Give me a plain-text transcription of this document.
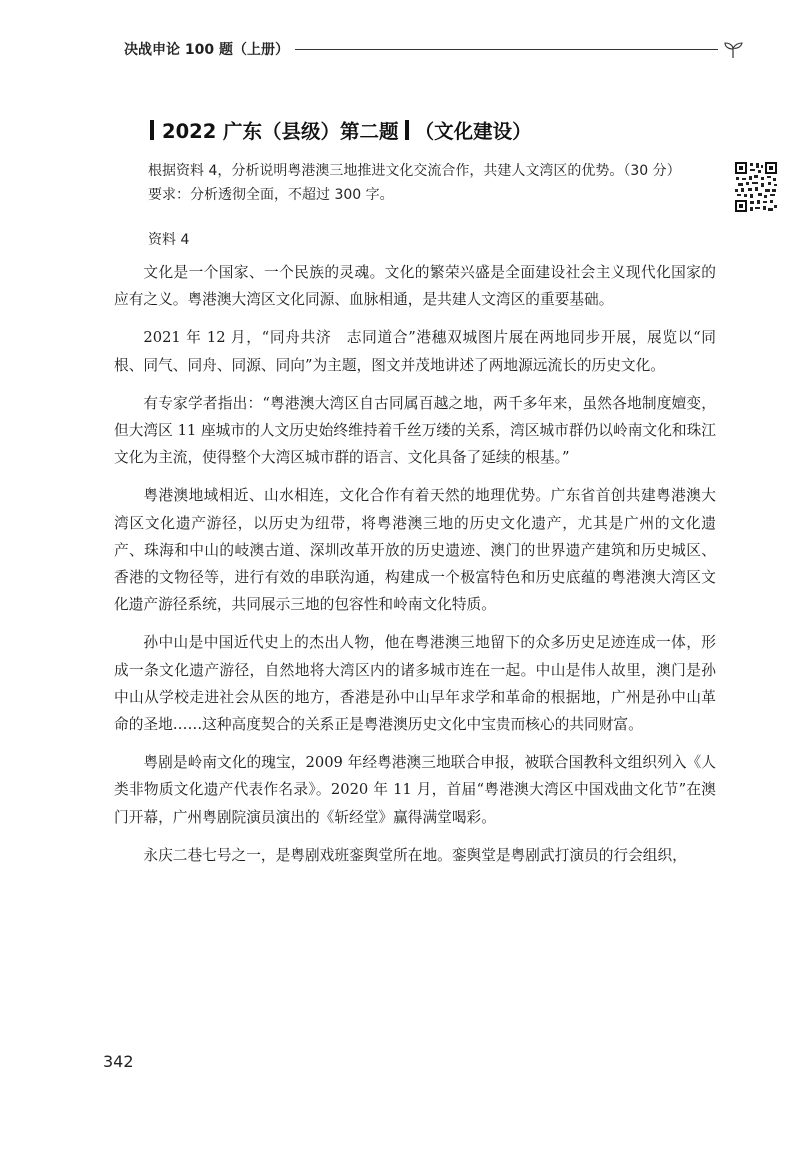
决战申论 100 题（上册）
2022 广东（县级）第二题 （文化建设）

根据资料 4，分析说明粤港澳三地推进文化交流合作，共建人文湾区的优势。（30 分）

要求：分析透彻全面，不超过 300 字。

资料 4

文化是一个国家、一个民族的灵魂。文化的繁荣兴盛是全面建设社会主义现代化国家的应有之义。粤港澳大湾区文化同源、血脉相通，是共建人文湾区的重要基础。

2021 年 12 月，“同舟共济　志同道合”港穗双城图片展在两地同步开展，展览以“同根、同气、同舟、同源、同向”为主题，图文并茂地讲述了两地源远流长的历史文化。

有专家学者指出：“粤港澳大湾区自古同属百越之地，两千多年来，虽然各地制度嬗变，但大湾区 11 座城市的人文历史始终维持着千丝万缕的关系，湾区城市群仍以岭南文化和珠江文化为主流，使得整个大湾区城市群的语言、文化具备了延续的根基。”

粤港澳地域相近、山水相连，文化合作有着天然的地理优势。广东省首创共建粤港澳大湾区文化遗产游径，以历史为纽带，将粤港澳三地的历史文化遗产，尤其是广州的文化遗产、珠海和中山的岐澳古道、深圳改革开放的历史遗迹、澳门的世界遗产建筑和历史城区、香港的文物径等，进行有效的串联沟通，构建成一个极富特色和历史底蕴的粤港澳大湾区文化遗产游径系统，共同展示三地的包容性和岭南文化特质。

孙中山是中国近代史上的杰出人物，他在粤港澳三地留下的众多历史足迹连成一体，形成一条文化遗产游径，自然地将大湾区内的诸多城市连在一起。中山是伟人故里，澳门是孙中山从学校走进社会从医的地方，香港是孙中山早年求学和革命的根据地，广州是孙中山革命的圣地……这种高度契合的关系正是粤港澳历史文化中宝贵而核心的共同财富。

粤剧是岭南文化的瑰宝，2009 年经粤港澳三地联合申报，被联合国教科文组织列入《人类非物质文化遗产代表作名录》。2020 年 11 月，首届“粤港澳大湾区中国戏曲文化节”在澳门开幕，广州粤剧院演员演出的《斩经堂》赢得满堂喝彩。

永庆二巷七号之一，是粤剧戏班銮舆堂所在地。銮舆堂是粤剧武打演员的行会组织，

342
